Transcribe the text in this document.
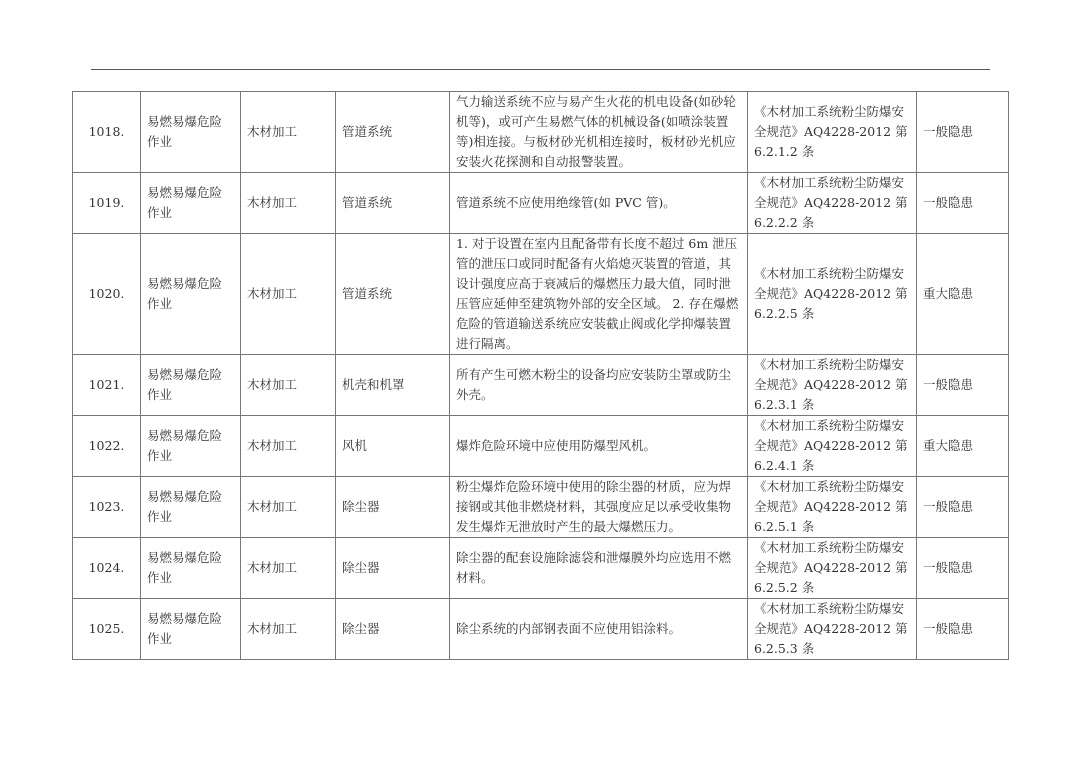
1018.	易燃易爆危险作业	木材加工	管道系统	气力输送系统不应与易产生火花的机电设备(如砂轮机等)，或可产生易燃气体的机械设备(如喷涂装置等)相连接。与板材砂光机相连接时，板材砂光机应安装火花探测和自动报警装置。	《木材加工系统粉尘防爆安全规范》AQ4228-2012 第 6.2.1.2 条	一般隐患
1019.	易燃易爆危险作业	木材加工	管道系统	管道系统不应使用绝缘管(如 PVC 管)。	《木材加工系统粉尘防爆安全规范》AQ4228-2012 第 6.2.2.2 条	一般隐患
1020.	易燃易爆危险作业	木材加工	管道系统	1. 对于设置在室内且配备带有长度不超过 6m 泄压管的泄压口或同时配备有火焰熄灭装置的管道，其设计强度应高于衰减后的爆燃压力最大值，同时泄压管应延伸至建筑物外部的安全区域。 2. 存在爆燃危险的管道输送系统应安装截止阀或化学抑爆装置进行隔离。	《木材加工系统粉尘防爆安全规范》AQ4228-2012 第 6.2.2.5 条	重大隐患
1021.	易燃易爆危险作业	木材加工	机壳和机罩	所有产生可燃木粉尘的设备均应安装防尘罩或防尘外壳。	《木材加工系统粉尘防爆安全规范》AQ4228-2012 第 6.2.3.1 条	一般隐患
1022.	易燃易爆危险作业	木材加工	风机	爆炸危险环境中应使用防爆型风机。	《木材加工系统粉尘防爆安全规范》AQ4228-2012 第 6.2.4.1 条	重大隐患
1023.	易燃易爆危险作业	木材加工	除尘器	粉尘爆炸危险环境中使用的除尘器的材质，应为焊接钢或其他非燃烧材料，其强度应足以承受收集物发生爆炸无泄放时产生的最大爆燃压力。	《木材加工系统粉尘防爆安全规范》AQ4228-2012 第 6.2.5.1 条	一般隐患
1024.	易燃易爆危险作业	木材加工	除尘器	除尘器的配套设施除滤袋和泄爆膜外均应选用不燃材料。	《木材加工系统粉尘防爆安全规范》AQ4228-2012 第 6.2.5.2 条	一般隐患
1025.	易燃易爆危险作业	木材加工	除尘器	除尘系统的内部钢表面不应使用铝涂料。	《木材加工系统粉尘防爆安全规范》AQ4228-2012 第 6.2.5.3 条	一般隐患
